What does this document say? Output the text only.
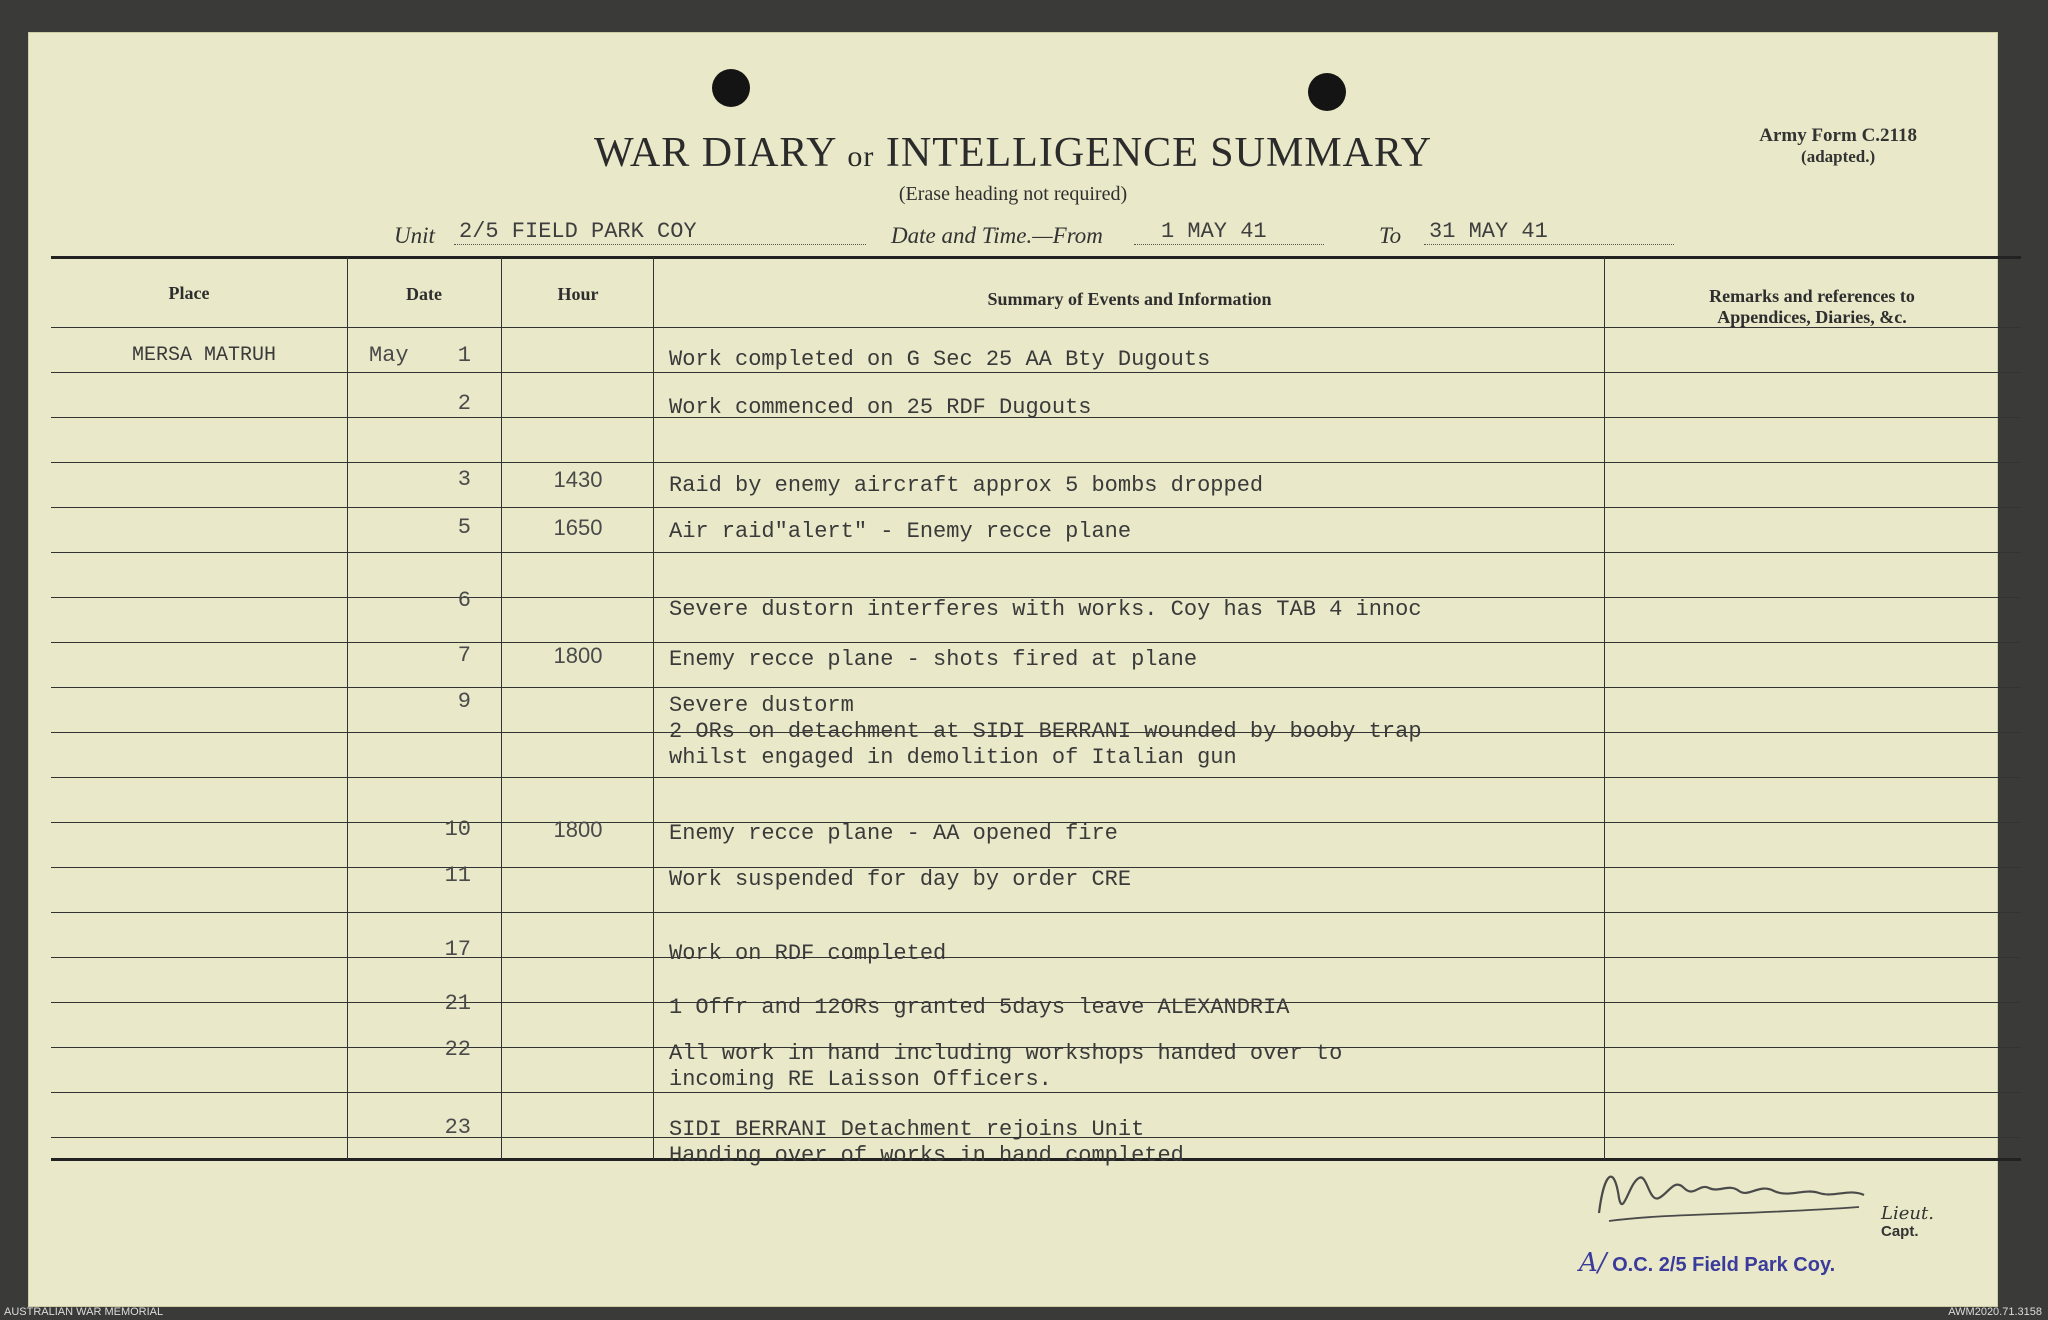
WAR DIARY or INTELLIGENCE SUMMARY

(Erase heading not required)

Army Form C.2118
(adapted.)
Unit 2/5 FIELD PARK COY	Date and Time.—From	1 MAY 41	To 31 MAY 41
Place	Date	Hour	Summary of Events and Information	Remarks and references to
Appendices, Diaries, &c.
MERSA MATRUH	May	1	Work completed on G Sec 25 AA Bty Dugouts
2	Work commenced on 25 RDF Dugouts
3	1430	Raid by enemy aircraft approx 5 bombs dropped
5	1650	Air raid"alert" - Enemy recce plane
6	Severe dustorn interferes with works. Coy has TAB 4 innoc
7	1800	Enemy recce plane - shots fired at plane
9	Severe dustorm
2 ORs on detachment at SIDI BERRANI wounded by booby trap
whilst engaged in demolition of Italian gun
10	1800	Enemy recce plane - AA opened fire
11	Work suspended for day by order CRE
17	Work on RDF completed
21	1 Offr and 12ORs granted 5days leave ALEXANDRIA
22	All work in hand including workshops handed over to
incoming RE Laisson Officers.
23	SIDI BERRANI Detachment rejoins Unit
Handing over of works in hand completed
Lieut.
Capt.
A/ O.C. 2/5 Field Park Coy.
AUSTRALIAN WAR MEMORIAL	AWM2020.71.3158
